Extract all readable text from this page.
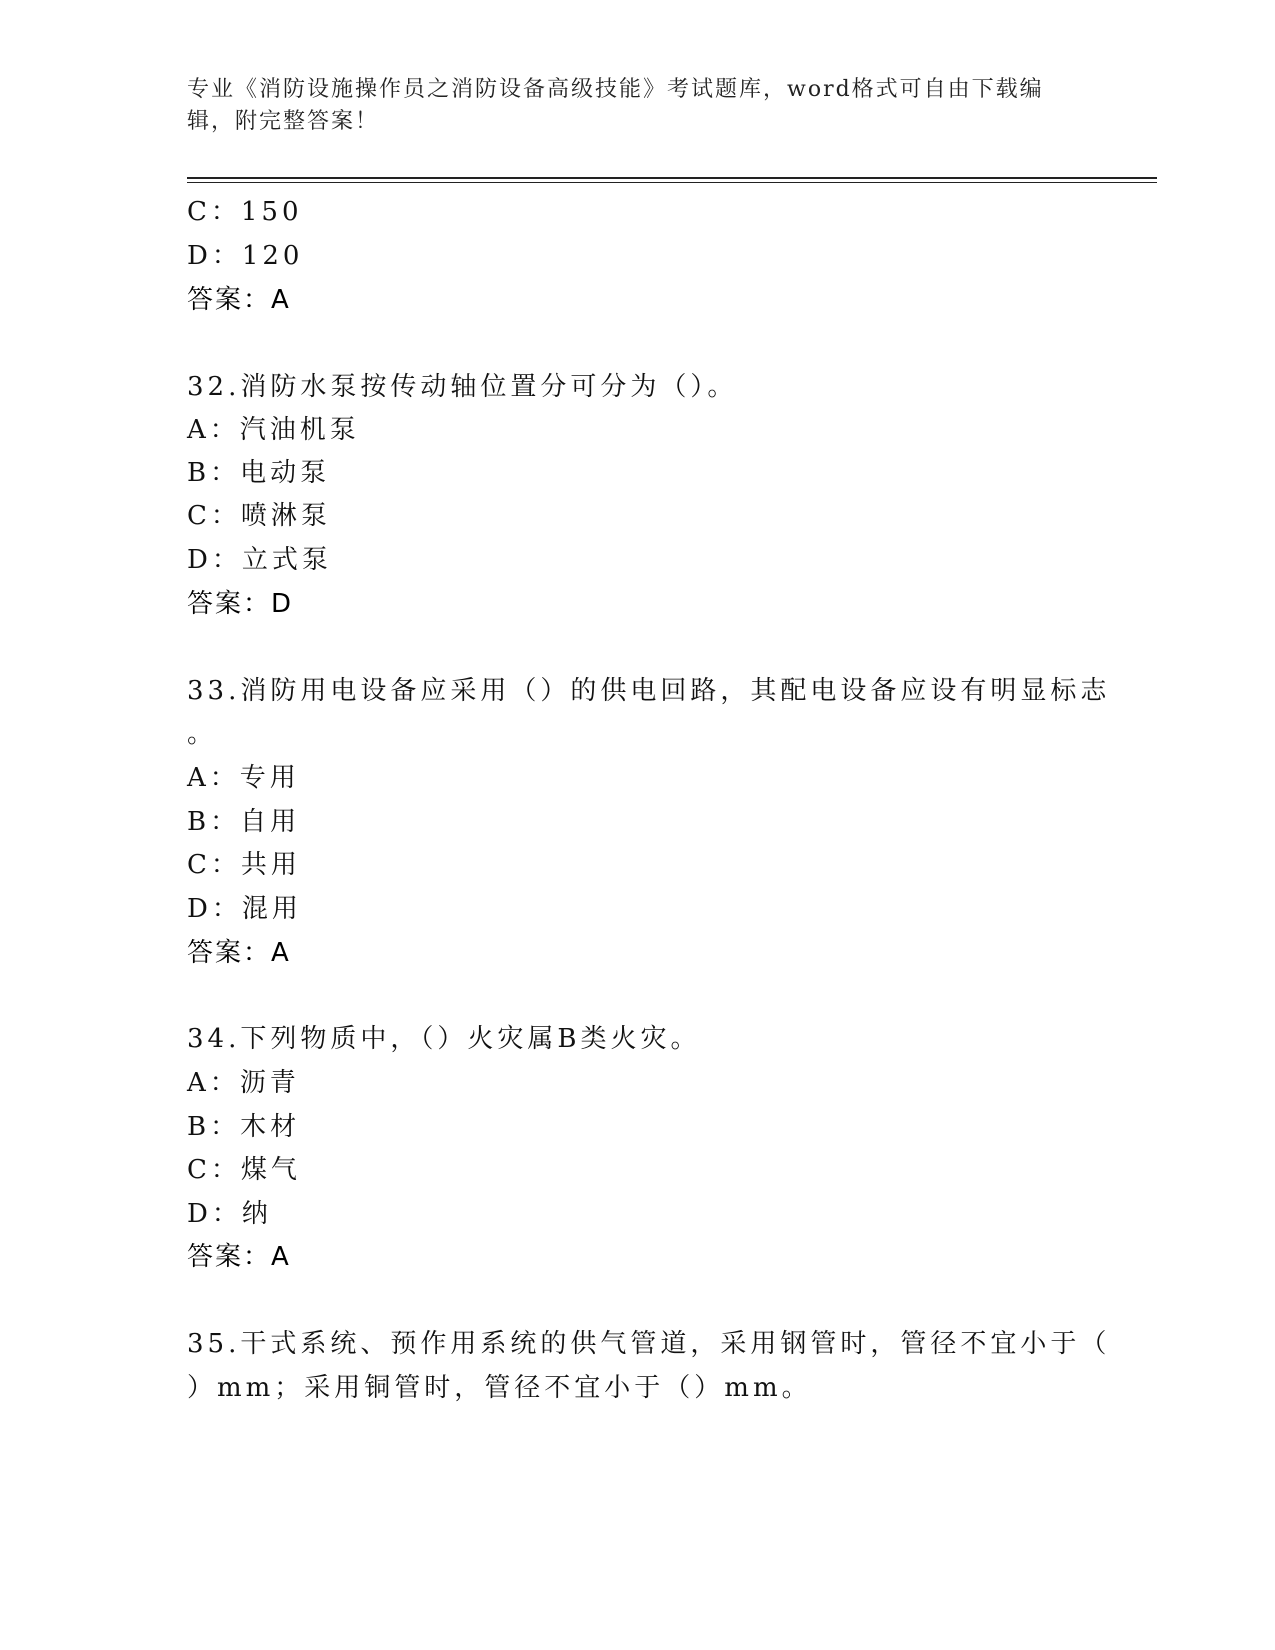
专业《消防设施操作员之消防设备高级技能》考试题库，word格式可自由下载编
辑，附完整答案！
C：150
D：120
答案：A
32.消防水泵按传动轴位置分可分为（）。
A：汽油机泵
B：电动泵
C：喷淋泵
D：立式泵
答案：D
33.消防用电设备应采用（）的供电回路，其配电设备应设有明显标志
。
A：专用
B：自用
C：共用
D：混用
答案：A
34.下列物质中，（）火灾属B类火灾。
A：沥青
B：木材
C：煤气
D：纳
答案：A
35.干式系统、预作用系统的供气管道，采用钢管时，管径不宜小于（
）mm；采用铜管时，管径不宜小于（）mm。
